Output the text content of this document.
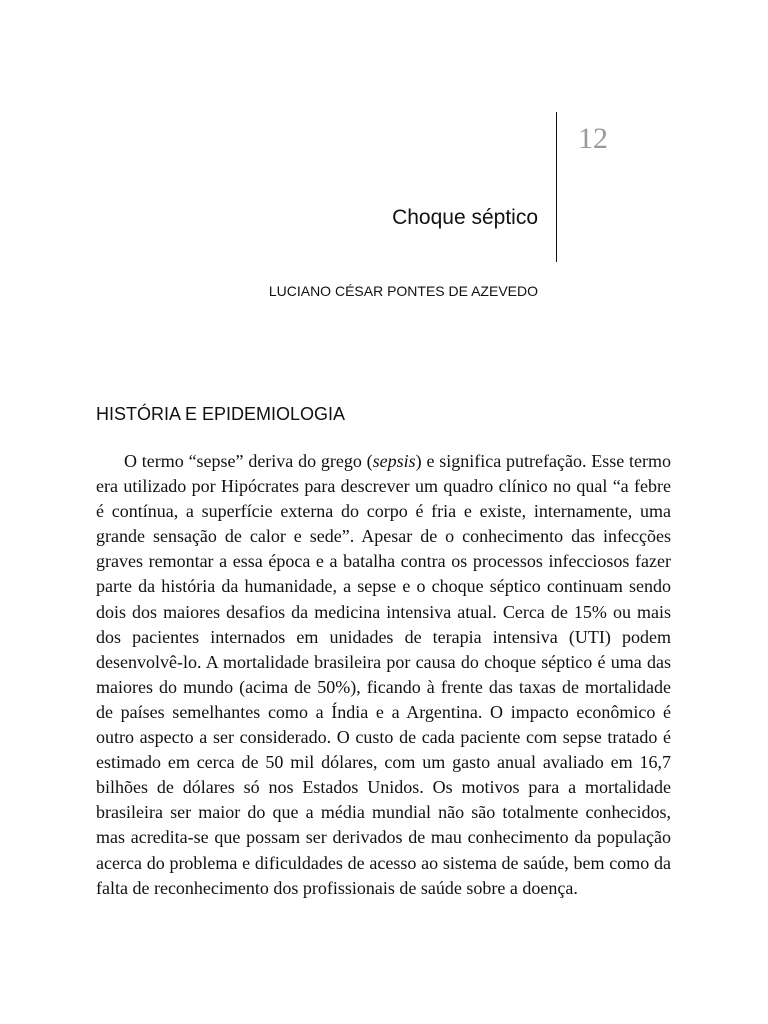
12
Choque séptico
LUCIANO CÉSAR PONTES DE AZEVEDO
HISTÓRIA E EPIDEMIOLOGIA

O termo “sepse” deriva do grego (sepsis) e significa putrefação. Esse termo era utilizado por Hipócrates para descrever um quadro clínico no qual “a febre é contínua, a superfície externa do corpo é fria e existe, internamente, uma grande sensação de calor e sede”. Apesar de o conhecimento das infecções graves remontar a essa época e a batalha contra os processos infecciosos fazer parte da história da humanidade, a sepse e o choque séptico continuam sendo dois dos maiores desafios da medicina intensiva atual. Cerca de 15% ou mais dos pacientes internados em unidades de terapia intensiva (UTI) podem desenvolvê-lo. A mortalidade brasileira por causa do choque séptico é uma das maiores do mundo (acima de 50%), ficando à frente das taxas de mortalidade de países semelhantes como a Índia e a Argentina. O impacto econômico é outro aspecto a ser considerado. O custo de cada paciente com sepse tratado é estimado em cerca de 50 mil dólares, com um gasto anual avaliado em 16,7 bilhões de dólares só nos Estados Unidos. Os motivos para a mortalidade brasileira ser maior do que a média mundial não são totalmente conhecidos, mas acredita-se que possam ser derivados de mau conhecimento da população acerca do problema e dificuldades de acesso ao sistema de saúde, bem como da falta de reconhecimento dos profissionais de saúde sobre a doença.
